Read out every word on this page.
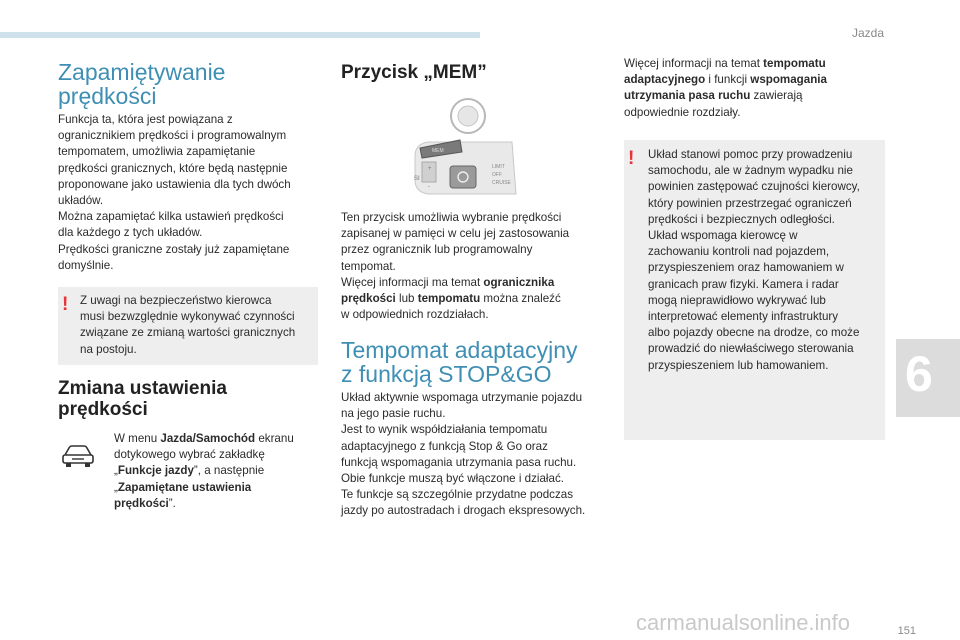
Jazda
6
Zapamiętywanie
prędkości
Funkcja ta, która jest powiązana z
ogranicznikiem prędkości i programowalnym
tempomatem, umożliwia zapamiętanie
prędkości granicznych, które będą następnie
proponowane jako ustawienia dla tych dwóch
układów.
Można zapamiętać kilka ustawień prędkości
dla każdego z tych układów.
Prędkości graniczne zostały już zapamiętane
domyślnie.
! Z uwagi na bezpieczeństwo kierowca
musi bezwzględnie wykonywać czynności
związane ze zmianą wartości granicznych
na postoju.
Zmiana ustawienia
prędkości
W menu Jazda/Samochód ekranu
dotykowego wybrać zakładkę
„Funkcje jazdy”, a następnie
„Zapamiętane ustawienia
prędkości”.
Przycisk „MEM”
+
-
SI
MEM
LIMIT
OFF
CRUISE
Ten przycisk umożliwia wybranie prędkości
zapisanej w pamięci w celu jej zastosowania
przez ogranicznik lub programowalny
tempomat.
Więcej informacji ma temat ogranicznika
prędkości lub tempomatu można znaleźć
w odpowiednich rozdziałach.
Tempomat adaptacyjny
z funkcją STOP&GO
Układ aktywnie wspomaga utrzymanie pojazdu
na jego pasie ruchu.
Jest to wynik współdziałania tempomatu
adaptacyjnego z funkcją Stop & Go oraz
funkcją wspomagania utrzymania pasa ruchu.
Obie funkcje muszą być włączone i działać.
Te funkcje są szczególnie przydatne podczas
jazdy po autostradach i drogach ekspresowych.
Więcej informacji na temat tempomatu
adaptacyjnego i funkcji wspomagania
utrzymania pasa ruchu zawierają
odpowiednie rozdziały.
! Układ stanowi pomoc przy prowadzeniu
samochodu, ale w żadnym wypadku nie
powinien zastępować czujności kierowcy,
który powinien przestrzegać ograniczeń
prędkości i bezpiecznych odległości.
Układ wspomaga kierowcę w
zachowaniu kontroli nad pojazdem,
przyspieszeniem oraz hamowaniem w
granicach praw fizyki. Kamera i radar
mogą nieprawidłowo wykrywać lub
interpretować elementy infrastruktury
albo pojazdy obecne na drodze, co może
prowadzić do niewłaściwego sterowania
przyspieszeniem lub hamowaniem.
carmanualsonline.info	151
